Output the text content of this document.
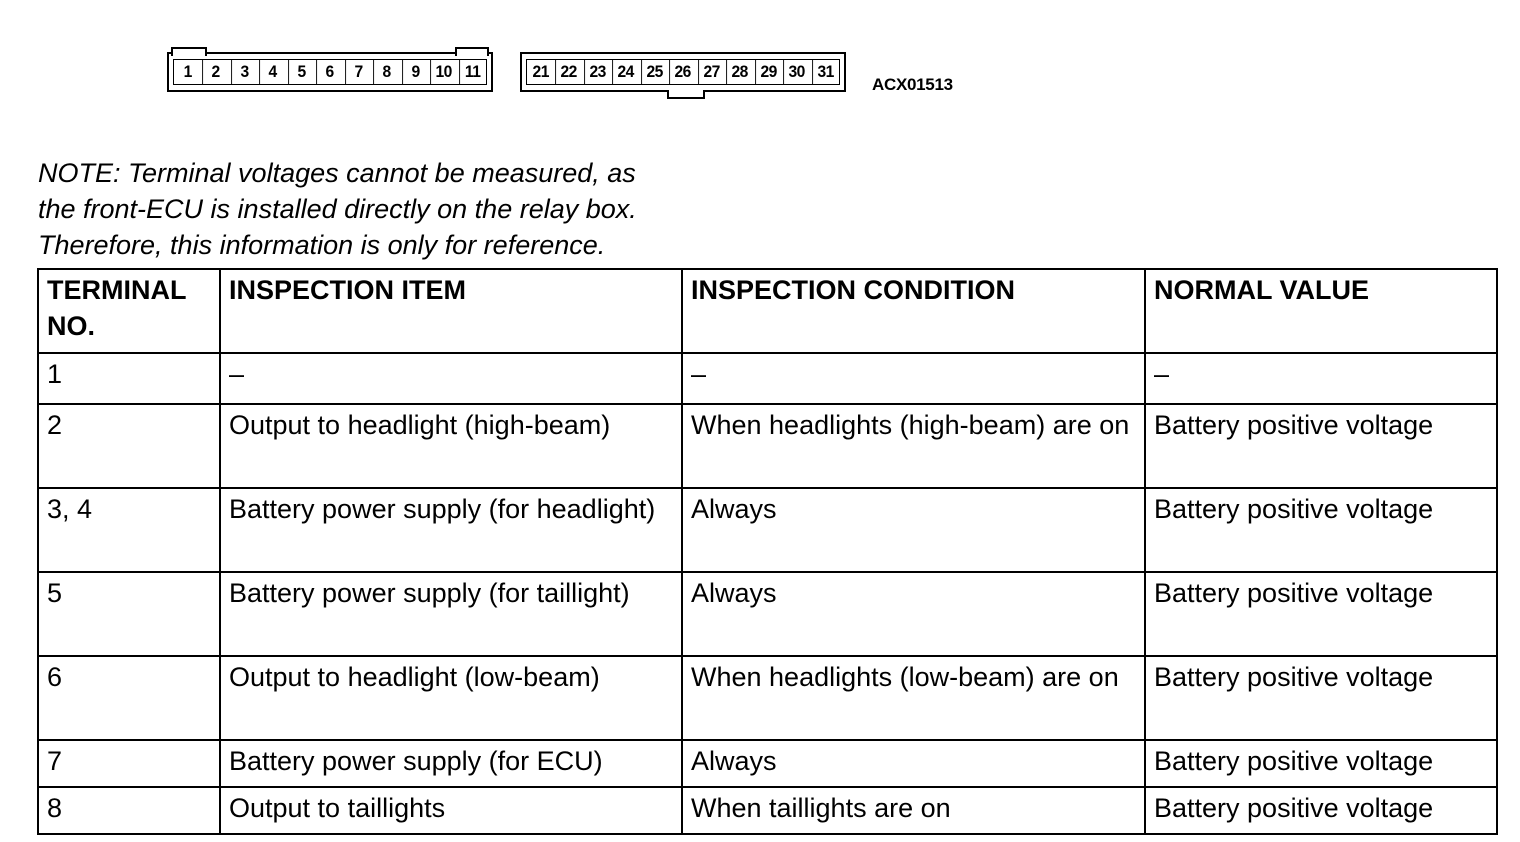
1	2	3	4	5	6	7	8	9 10 11	21 22 23 24 25 26 27 28 29 30 31
ACX01513
NOTE: Terminal voltages cannot be measured, as
the front-ECU is installed directly on the relay box.
Therefore, this information is only for reference.
TERMINAL NO.	INSPECTION ITEM	INSPECTION CONDITION	NORMAL VALUE
1	–	–	–
2	Output to headlight (high-beam)	When headlights (high-beam) are on	Battery positive voltage
3, 4	Battery power supply (for headlight)	Always	Battery positive voltage
5	Battery power supply (for taillight)	Always	Battery positive voltage
6	Output to headlight (low-beam)	When headlights (low-beam) are on	Battery positive voltage
7	Battery power supply (for ECU)	Always	Battery positive voltage
8	Output to taillights	When taillights are on	Battery positive voltage
